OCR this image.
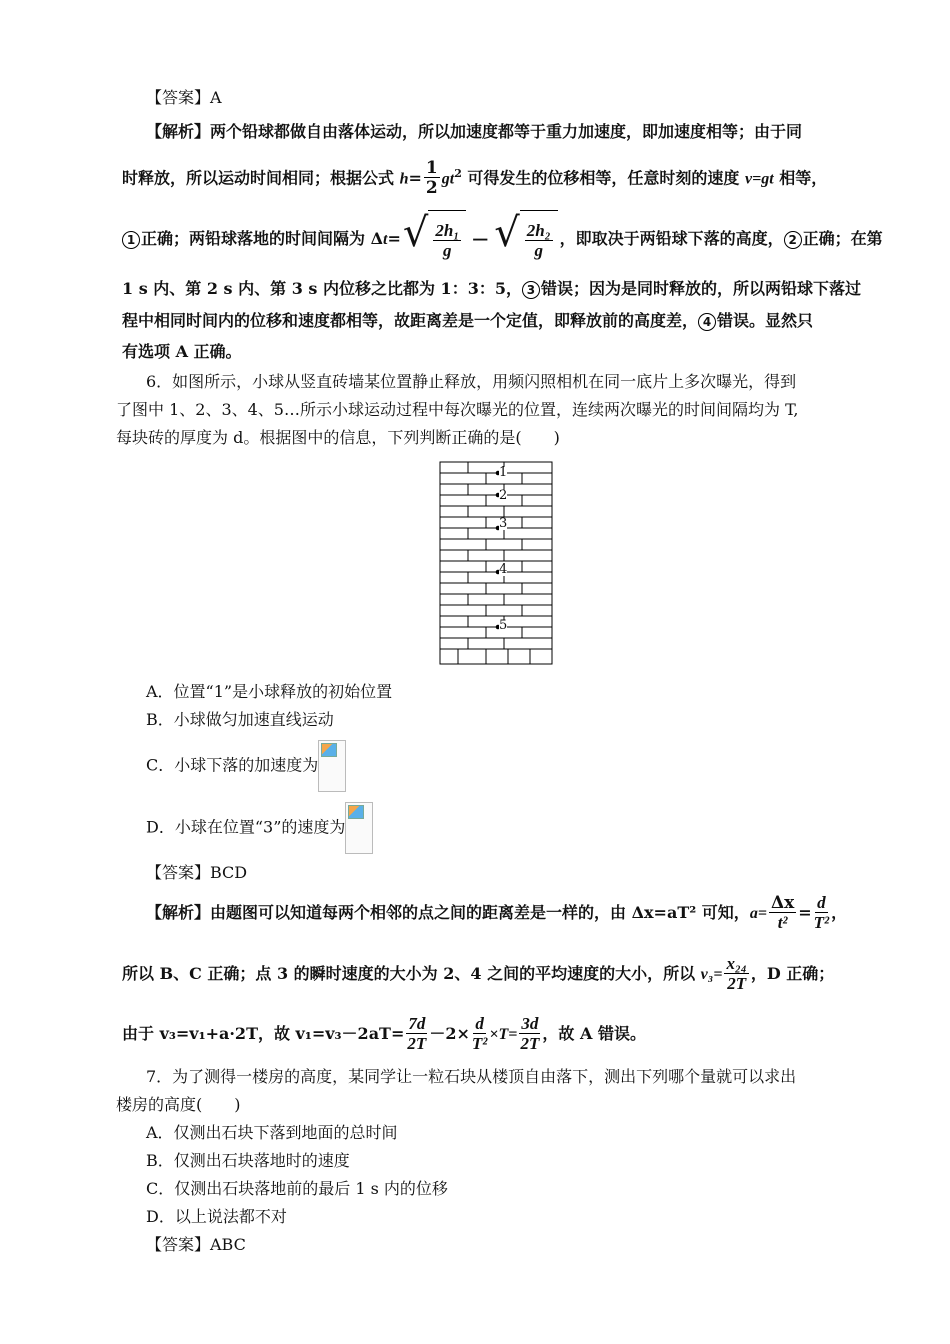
【答案】A
【解析】两个铅球都做自由落体运动，所以加速度都等于重力加速度，即加速度相等；由于同
时释放，所以运动时间相同；根据公式 $h= \frac{1}{2} gt^2$ 可得发生的位移相等，任意时刻的速度 v=gt 相等，
1 正确；两铅球落地的时间间隔为 Δt= √ $\frac{\text{2h₁}}{g}$ — √ $\frac{\text{2h₂}}{g}$ ，即取决于两铅球下落的高度， 2 正确；在第
1 s 内、第 2 s 内、第 3 s 内位移之比都为 1：3：5， 3 错误；因为是同时释放的，所以两铅球下落过
程中相同时间内的位移和速度都相等，故距离差是一个定值，即释放前的高度差， 4 错误。显然只
有选项 A 正确。
6．如图所示，小球从竖直砖墙某位置静止释放，用频闪照相机在同一底片上多次曝光，得到
了图中 1、2、3、4、5…所示小球运动过程中每次曝光的位置，连续两次曝光的时间间隔均为 T,
每块砖的厚度为 d。根据图中的信息，下列判断正确的是(　　)
1
2
3
4
5
A．位置“1”是小球释放的初始位置
B．小球做匀加速直线运动
C．小球下落的加速度为
D．小球在位置“3”的速度为
【答案】BCD
【解析】由题图可以知道每两个相邻的点之间的距离差是一样的，由 Δx=aT² 可知，$a= \frac{\Delta x}{\text{t²}} = \frac{d}{\text{T²}}$ ，
所以 B、C 正确；点 3 的瞬时速度的大小为 2、4 之间的平均速度的大小，所以 $v_3= \frac{\text{x₂₄}}{2T}$ ，D 正确；
由于 v₃=v₁+a·2T，故 $v_1=v_3-2aT= \frac{7d}{2T} -2\times \frac{d}{\text{T²}} \times T= \frac{3d}{2T}$ ，故 A 错误。
7．为了测得一楼房的高度，某同学让一粒石块从楼顶自由落下，测出下列哪个量就可以求出
楼房的高度(　　)
A．仅测出石块下落到地面的总时间
B．仅测出石块落地时的速度
C．仅测出石块落地前的最后 1 s 内的位移
D．以上说法都不对
【答案】ABC
